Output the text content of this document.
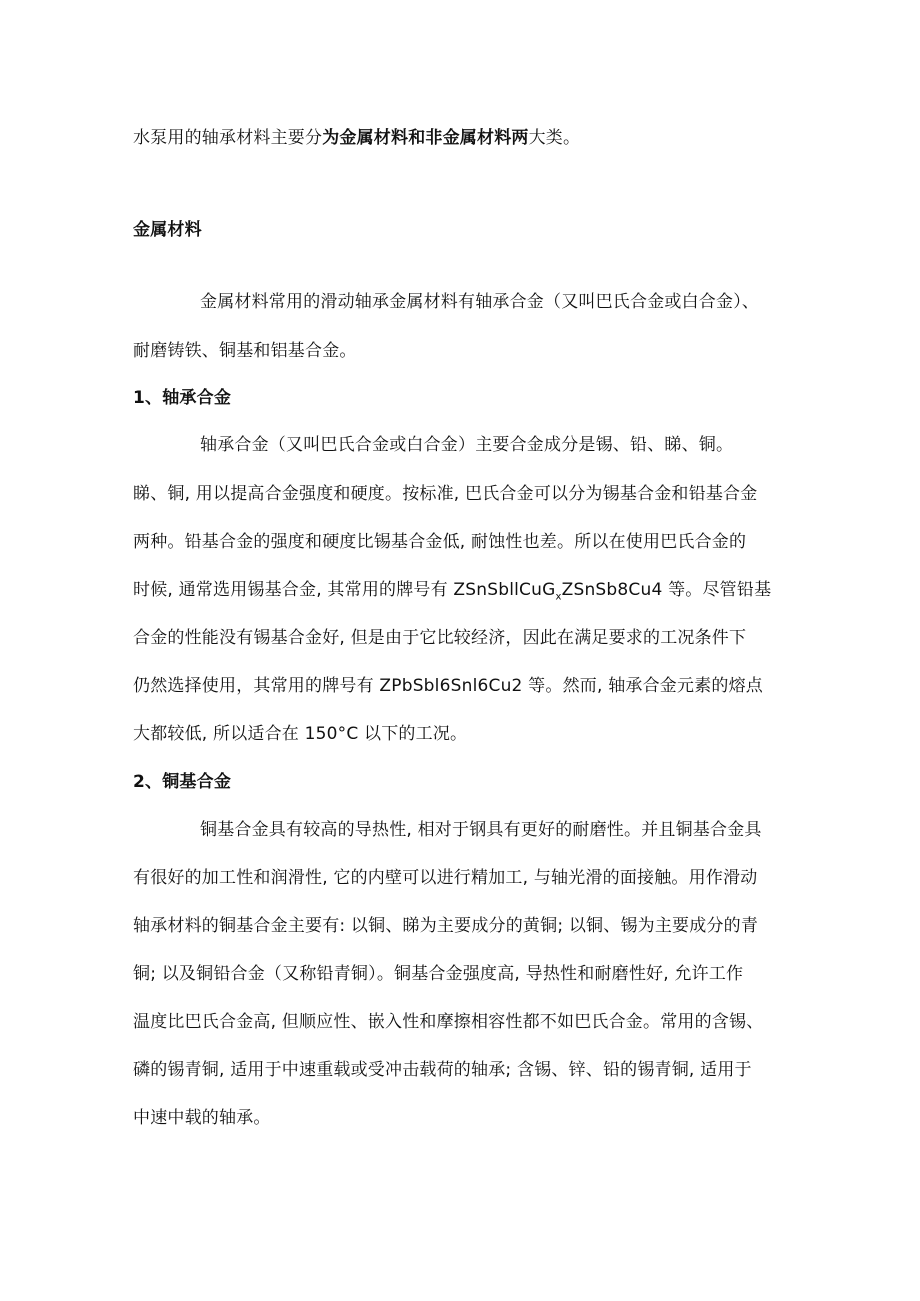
水泵用的轴承材料主要分为金属材料和非金属材料两大类。
金属材料
金属材料常用的滑动轴承金属材料有轴承合金（又叫巴氏合金或白合金）、
耐磨铸铁、铜基和铝基合金。
1、轴承合金
轴承合金（又叫巴氏合金或白合金）主要合金成分是锡、铅、睇、铜。
睇、铜, 用以提高合金强度和硬度。按标准, 巴氏合金可以分为锡基合金和铅基合金
两种。铅基合金的强度和硬度比锡基合金低, 耐蚀性也差。所以在使用巴氏合金的
时候, 通常选用锡基合金, 其常用的牌号有 ZSnSbllCuG$_x$ZSnSb8Cu4 等。尽管铅基
合金的性能没有锡基合金好, 但是由于它比较经济，因此在满足要求的工况条件下
仍然选择使用，其常用的牌号有 ZPbSbl6Snl6Cu2 等。然而, 轴承合金元素的熔点
大都较低, 所以适合在 150°C 以下的工况。
2、铜基合金
铜基合金具有较高的导热性, 相对于钢具有更好的耐磨性。并且铜基合金具
有很好的加工性和润滑性, 它的内壁可以进行精加工, 与轴光滑的面接触。用作滑动
轴承材料的铜基合金主要有: 以铜、睇为主要成分的黄铜; 以铜、锡为主要成分的青
铜; 以及铜铅合金（又称铅青铜）。铜基合金强度高, 导热性和耐磨性好, 允许工作
温度比巴氏合金高, 但顺应性、嵌入性和摩擦相容性都不如巴氏合金。常用的含锡、
磷的锡青铜, 适用于中速重载或受冲击载荷的轴承; 含锡、锌、铅的锡青铜, 适用于
中速中载的轴承。
